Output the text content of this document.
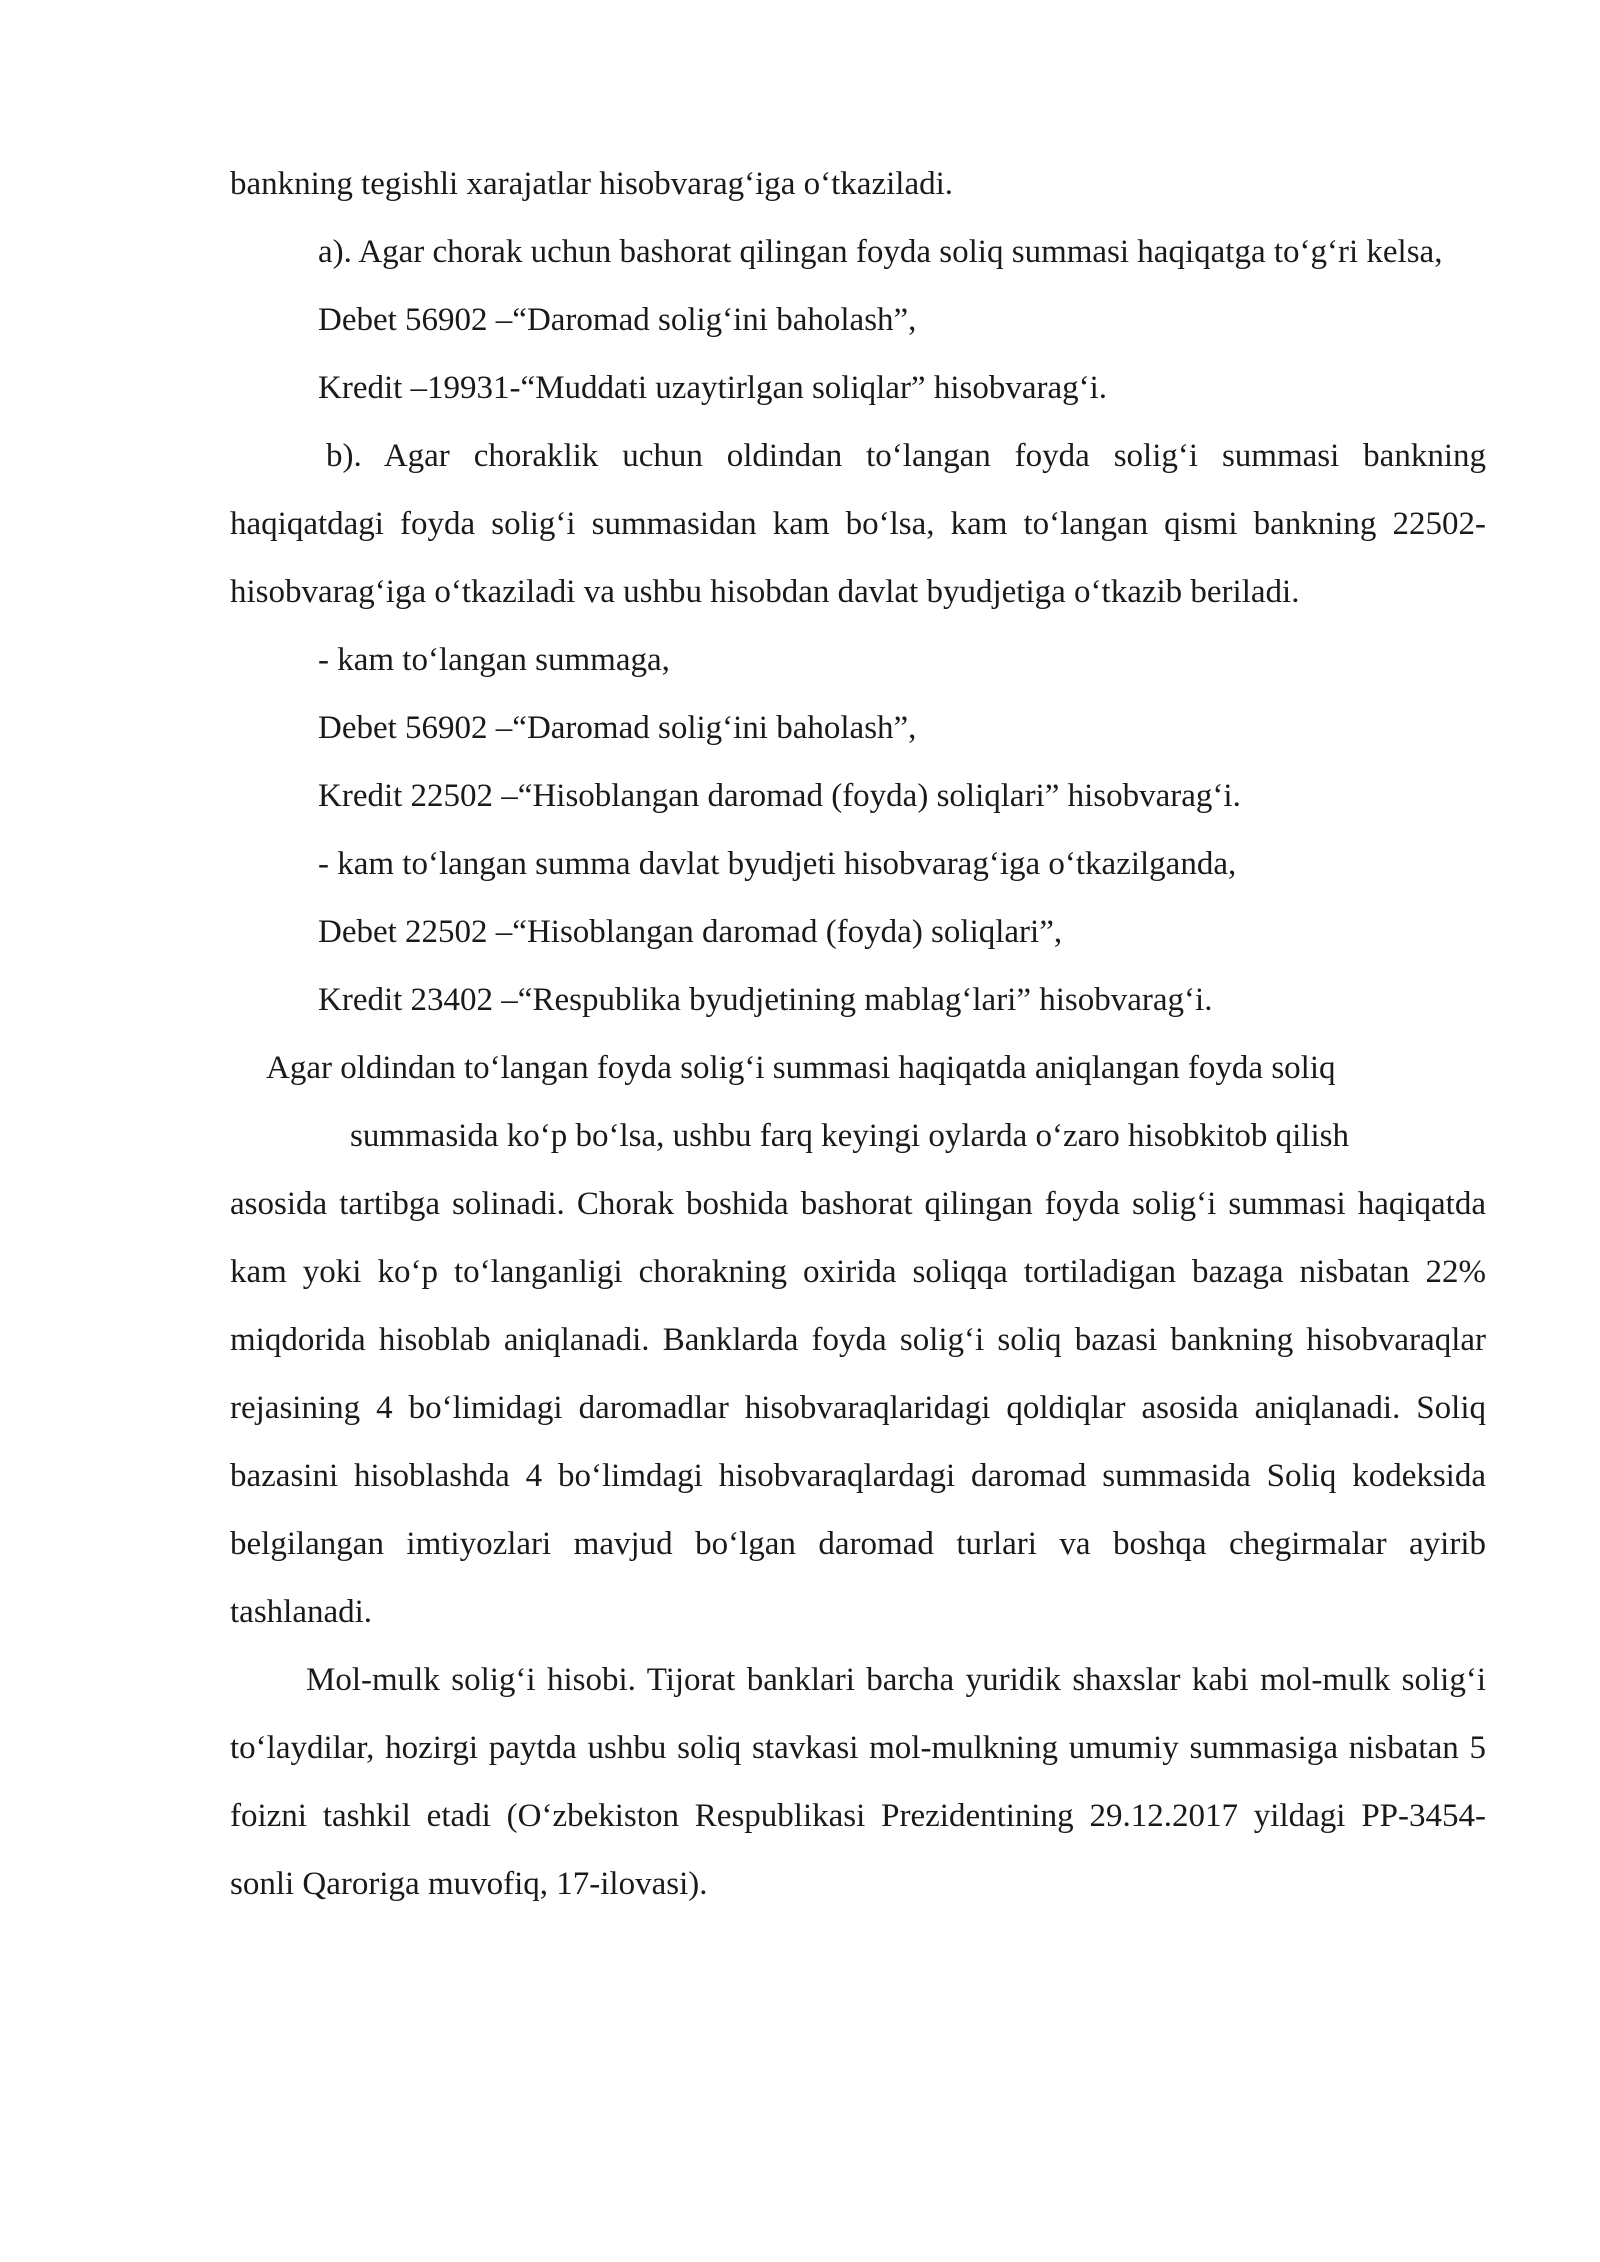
bankning tegishli xarajatlar hisobvarag‘iga o‘tkaziladi.

a). Agar chorak uchun bashorat qilingan foyda soliq summasi haqiqatga to‘g‘ri kelsa,

Debet 56902 –“Daromad solig‘ini baholash”,

Kredit –19931-“Muddati uzaytirlgan soliqlar” hisobvarag‘i.

b). Agar choraklik uchun oldindan to‘langan foyda solig‘i summasi bankning haqiqatdagi foyda solig‘i summasidan kam bo‘lsa, kam to‘langan qismi bankning 22502- hisobvarag‘iga o‘tkaziladi va ushbu hisobdan davlat byudjetiga o‘tkazib beriladi.

- kam to‘langan summaga,

Debet 56902 –“Daromad solig‘ini baholash”,

Kredit 22502 –“Hisoblangan daromad (foyda) soliqlari” hisobvarag‘i.

- kam to‘langan summa davlat byudjeti hisobvarag‘iga o‘tkazilganda,

Debet 22502 –“Hisoblangan daromad (foyda) soliqlari”,

Kredit 23402 –“Respublika byudjetining mablag‘lari” hisobvarag‘i.

Agar oldindan to‘langan foyda solig‘i summasi haqiqatda aniqlangan foyda soliq

summasida ko‘p bo‘lsa, ushbu farq keyingi oylarda o‘zaro hisobkitob qilish

asosida tartibga solinadi. Chorak boshida bashorat qilingan foyda solig‘i summasi haqiqatda kam yoki ko‘p to‘langanligi chorakning oxirida soliqqa tortiladigan bazaga nisbatan 22% miqdorida hisoblab aniqlanadi. Banklarda foyda solig‘i soliq bazasi bankning hisobvaraqlar rejasining 4 bo‘limidagi daromadlar hisobvaraqlaridagi qoldiqlar asosida aniqlanadi. Soliq bazasini hisoblashda 4 bo‘limdagi hisobvaraqlardagi daromad summasida Soliq kodeksida belgilangan imtiyozlari mavjud bo‘lgan daromad turlari va boshqa chegirmalar ayirib tashlanadi.

Mol-mulk solig‘i hisobi. Tijorat banklari barcha yuridik shaxslar kabi mol-mulk solig‘i to‘laydilar, hozirgi paytda ushbu soliq stavkasi mol-mulkning umumiy summasiga nisbatan 5 foizni tashkil etadi (O‘zbekiston Respublikasi Prezidentining 29.12.2017 yildagi PP-3454-sonli Qaroriga muvofiq, 17-ilovasi).
